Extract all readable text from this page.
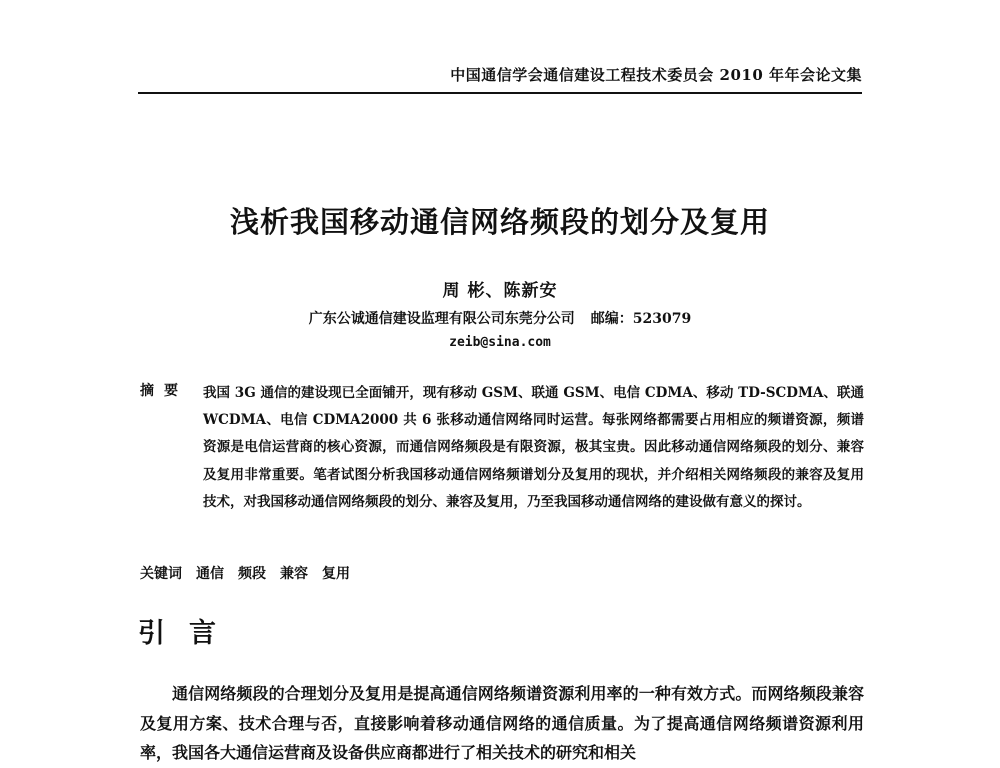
中国通信学会通信建设工程技术委员会 2010 年年会论文集
浅析我国移动通信网络频段的划分及复用
周 彬、陈新安
广东公诚通信建设监理有限公司东莞分公司 邮编：523079
zeib@sina.com
摘要 我国 3G 通信的建设现已全面铺开，现有移动 GSM、联通 GSM、电信 CDMA、移动 TD-SCDMA、联通 WCDMA、电信 CDMA2000 共 6 张移动通信网络同时运营。每张网络都需要占用相应的频谱资源，频谱资源是电信运营商的核心资源，而通信网络频段是有限资源，极其宝贵。因此移动通信网络频段的划分、兼容及复用非常重要。笔者试图分析我国移动通信网络频谱划分及复用的现状，并介绍相关网络频段的兼容及复用技术，对我国移动通信网络频段的划分、兼容及复用，乃至我国移动通信网络的建设做有意义的探讨。
关键词 通信 频段 兼容 复用
引言
通信网络频段的合理划分及复用是提高通信网络频谱资源利用率的一种有效方式。而网络频段兼容及复用方案、技术合理与否，直接影响着移动通信网络的通信质量。为了提高通信网络频谱资源利用率，我国各大通信运营商及设备供应商都进行了相关技术的研究和相关
